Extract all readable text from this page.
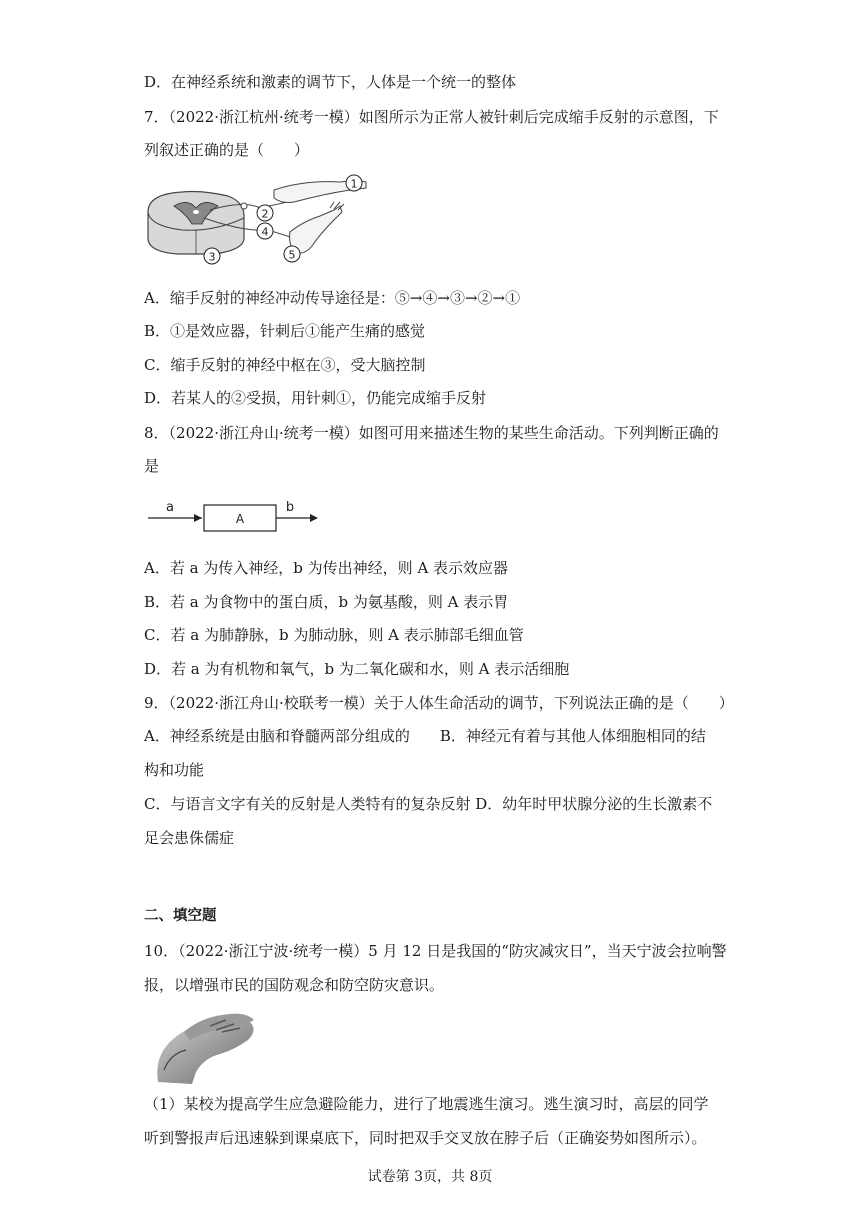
D．在神经系统和激素的调节下，人体是一个统一的整体
7．（2022·浙江杭州·统考一模）如图所示为正常人被针刺后完成缩手反射的示意图，下
列叙述正确的是（　　）
1
2
4
3	5
A．缩手反射的神经冲动传导途径是：⑤→④→③→②→①
B．①是效应器，针刺后①能产生痛的感觉
C．缩手反射的神经中枢在③，受大脑控制
D．若某人的②受损，用针刺①，仍能完成缩手反射
8．（2022·浙江舟山·统考一模）如图可用来描述生物的某些生命活动。下列判断正确的
是
a
A
b
A．若 a 为传入神经，b 为传出神经，则 A 表示效应器
B．若 a 为食物中的蛋白质，b 为氨基酸，则 A 表示胃
C．若 a 为肺静脉，b 为肺动脉，则 A 表示肺部毛细血管
D．若 a 为有机物和氧气，b 为二氧化碳和水，则 A 表示活细胞
9．（2022·浙江舟山·校联考一模）关于人体生命活动的调节，下列说法正确的是（　　）
A．神经系统是由脑和脊髓两部分组成的　　B．神经元有着与其他人体细胞相同的结
构和功能
C．与语言文字有关的反射是人类特有的复杂反射 D．幼年时甲状腺分泌的生长激素不
足会患侏儒症
二、填空题
10．（2022·浙江宁波·统考一模）5 月 12 日是我国的“防灾减灾日”，当天宁波会拉响警
报，以增强市民的国防观念和防空防灾意识。
（1）某校为提高学生应急避险能力，进行了地震逃生演习。逃生演习时，高层的同学
听到警报声后迅速躲到课桌底下，同时把双手交叉放在脖子后（正确姿势如图所示）。
试卷第 3页，共 8页
